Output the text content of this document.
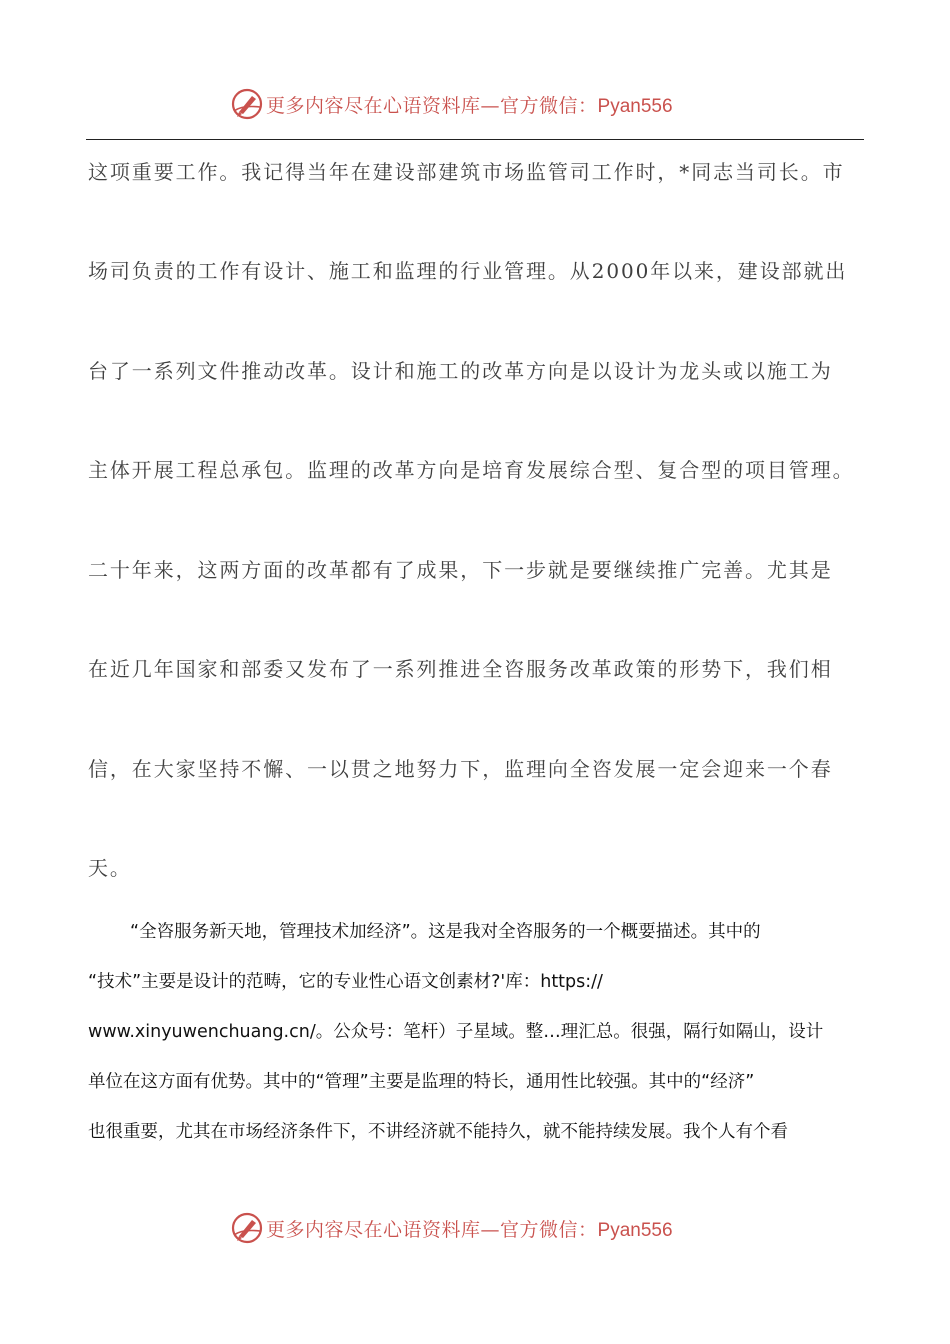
更多内容尽在心语资料库—官方微信：Pyan556

这项重要工作。我记得当年在建设部建筑市场监管司工作时，*同志当司长。市

场司负责的工作有设计、施工和监理的行业管理。从2000年以来，建设部就出

台了一系列文件推动改革。设计和施工的改革方向是以设计为龙头或以施工为

主体开展工程总承包。监理的改革方向是培育发展综合型、复合型的项目管理。

二十年来，这两方面的改革都有了成果，下一步就是要继续推广完善。尤其是

在近几年国家和部委又发布了一系列推进全咨服务改革政策的形势下，我们相

信，在大家坚持不懈、一以贯之地努力下，监理向全咨发展一定会迎来一个春

天。

“全咨服务新天地，管理技术加经济”。这是我对全咨服务的一个概要描述。其中的

“技术”主要是设计的范畴，它的专业性心语文创素材?'库：https://

www.xinyuwenchuang.cn/。公众号：笔杆）子星域。整…理汇总。很强，隔行如隔山，设计

单位在这方面有优势。其中的“管理”主要是监理的特长，通用性比较强。其中的“经济”

也很重要，尤其在市场经济条件下，不讲经济就不能持久，就不能持续发展。我个人有个看

更多内容尽在心语资料库—官方微信：Pyan556
